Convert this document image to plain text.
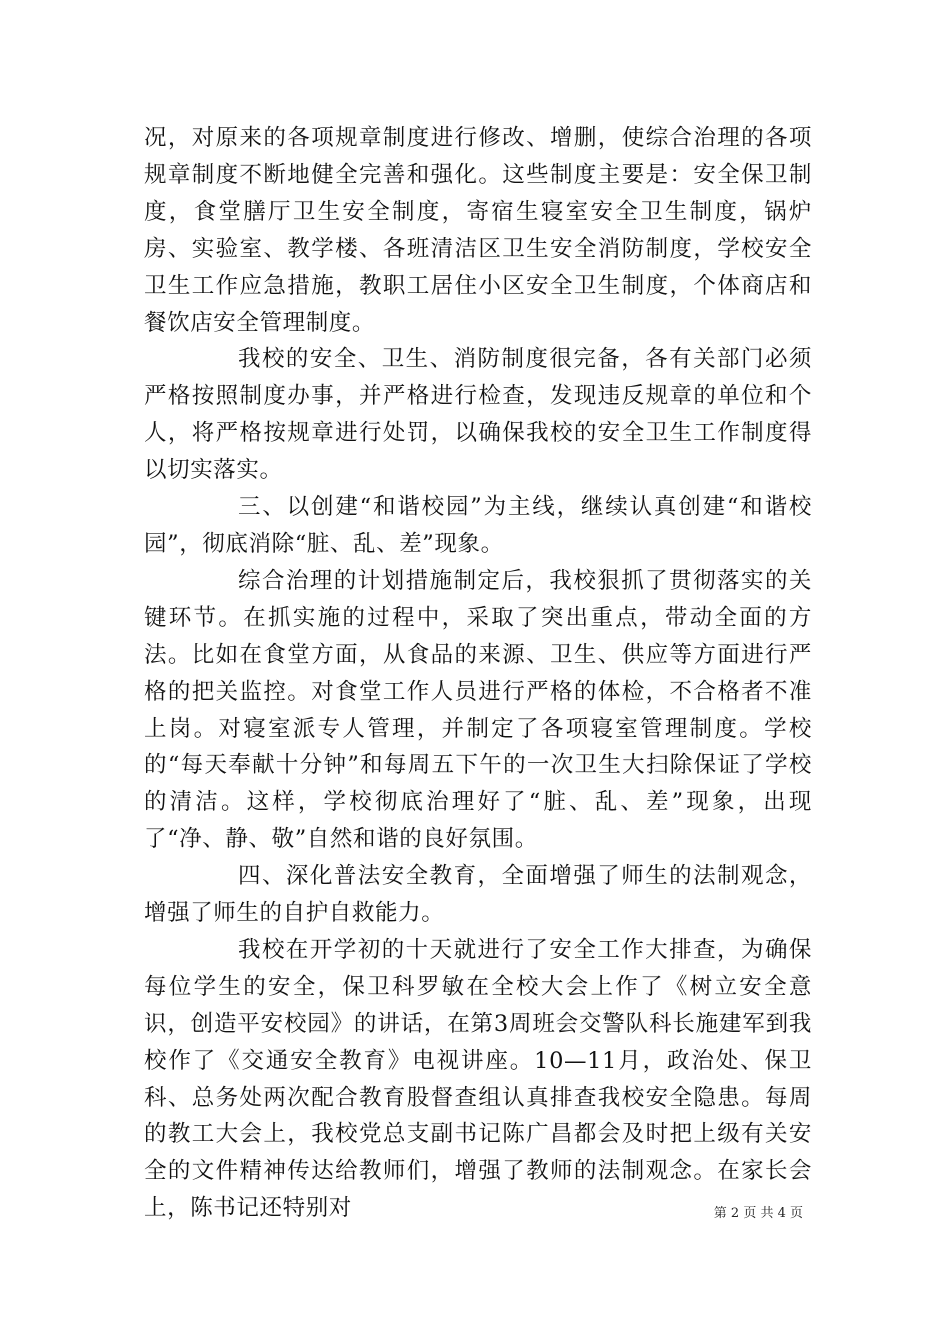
况，对原来的各项规章制度进行修改、增删，使综合治理的各项规章制度不断地健全完善和强化。这些制度主要是：安全保卫制度，食堂膳厅卫生安全制度，寄宿生寝室安全卫生制度，锅炉房、实验室、教学楼、各班清洁区卫生安全消防制度，学校安全卫生工作应急措施，教职工居住小区安全卫生制度，个体商店和餐饮店安全管理制度。

我校的安全、卫生、消防制度很完备，各有关部门必须严格按照制度办事，并严格进行检查，发现违反规章的单位和个人，将严格按规章进行处罚，以确保我校的安全卫生工作制度得以切实落实。

三、以创建“和谐校园”为主线，继续认真创建“和谐校园”，彻底消除“脏、乱、差”现象。

综合治理的计划措施制定后，我校狠抓了贯彻落实的关键环节。在抓实施的过程中，采取了突出重点，带动全面的方法。比如在食堂方面，从食品的来源、卫生、供应等方面进行严格的把关监控。对食堂工作人员进行严格的体检，不合格者不准上岗。对寝室派专人管理，并制定了各项寝室管理制度。学校的“每天奉献十分钟”和每周五下午的一次卫生大扫除保证了学校的清洁。这样，学校彻底治理好了“脏、乱、差”现象，出现了“净、静、敬”自然和谐的良好氛围。

四、深化普法安全教育，全面增强了师生的法制观念，增强了师生的自护自救能力。

我校在开学初的十天就进行了安全工作大排查，为确保每位学生的安全，保卫科罗敏在全校大会上作了《树立安全意识，创造平安校园》的讲话，在第3周班会交警队科长施建军到我校作了《交通安全教育》电视讲座。10—11月，政治处、保卫科、总务处两次配合教育股督查组认真排查我校安全隐患。每周的教工大会上，我校党总支副书记陈广昌都会及时把上级有关安全的文件精神传达给教师们，增强了教师的法制观念。在家长会上，陈书记还特别对	第 2 页 共 4 页
